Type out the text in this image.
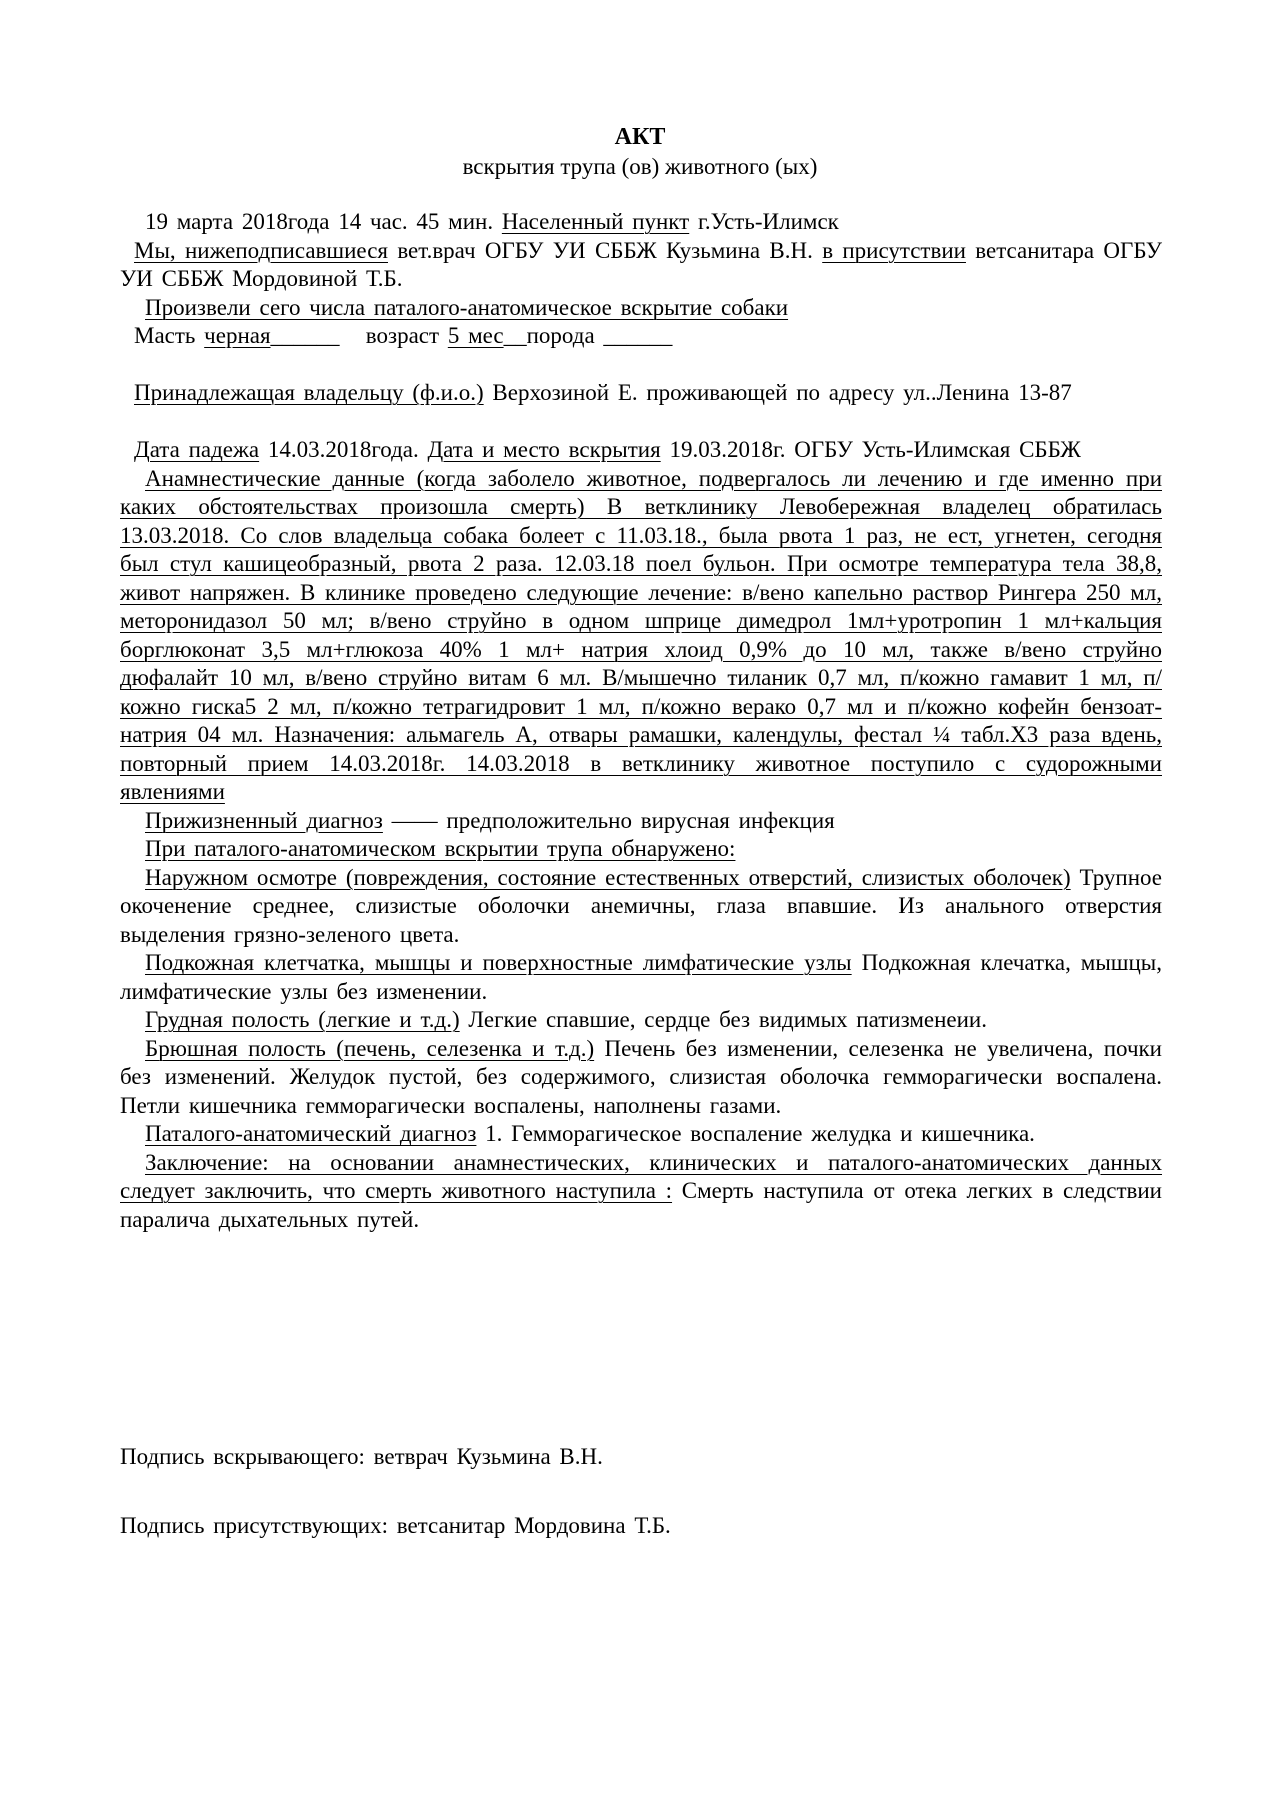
АКТ
вскрытия трупа (ов) животного (ых)

19 марта 2018года 14 час. 45 мин. Населенный пункт г.Усть-Илимск

Мы, нижеподписавшиеся вет.врач ОГБУ УИ СББЖ Кузьмина В.Н. в присутствии ветсанитара ОГБУ УИ СББЖ Мордовиной Т.Б.

Произвели сего числа паталого-анатомическое вскрытие собаки

Масть черная______ возраст 5 мес__порода ______

Принадлежащая владельцу (ф.и.о.) Верхозиной Е. проживающей по адресу ул..Ленина 13-87

Дата падежа 14.03.2018года. Дата и место вскрытия 19.03.2018г. ОГБУ Усть-Илимская СББЖ

Анамнестические данные (когда заболело животное, подвергалось ли лечению и где именно при каких обстоятельствах произошла смерть) В ветклинику Левобережная владелец обратилась 13.03.2018. Со слов владельца собака болеет с 11.03.18., была рвота 1 раз, не ест, угнетен, сегодня был стул кашицеобразный, рвота 2 раза. 12.03.18 поел бульон. При осмотре температура тела 38,8, живот напряжен. В клинике проведено следующие лечение: в/вено капельно раствор Рингера 250 мл, меторонидазол 50 мл; в/вено струйно в одном шприце димедрол 1мл+уротропин 1 мл+кальция борглюконат 3,5 мл+глюкоза 40% 1 мл+ натрия хлоид 0,9% до 10 мл, также в/вено струйно дюфалайт 10 мл, в/вено струйно витам 6 мл. В/мышечно тиланик 0,7 мл, п/кожно гамавит 1 мл, п/кожно гиска5 2 мл, п/кожно тетрагидровит 1 мл, п/кожно верако 0,7 мл и п/кожно кофейн бензоат-натрия 04 мл. Назначения: альмагель А, отвары рамашки, календулы, фестал ¼ табл.Х3 раза вдень, повторный прием 14.03.2018г. 14.03.2018 в ветклинику животное поступило с судорожными явлениями

Прижизненный диагноз —— предположительно вирусная инфекция

При паталого-анатомическом вскрытии трупа обнаружено:

Наружном осмотре (повреждения, состояние естественных отверстий, слизистых оболочек) Трупное окоченение среднее, слизистые оболочки анемичны, глаза впавшие. Из анального отверстия выделения грязно-зеленого цвета.

Подкожная клетчатка, мышцы и поверхностные лимфатические узлы Подкожная клечатка, мышцы, лимфатические узлы без изменении.

Грудная полость (легкие и т.д.) Легкие спавшие, сердце без видимых патизменеии.

Брюшная полость (печень, селезенка и т.д.) Печень без изменении, селезенка не увеличена, почки без изменений. Желудок пустой, без содержимого, слизистая оболочка гемморагически воспалена. Петли кишечника гемморагически воспалены, наполнены газами.

Паталого-анатомический диагноз 1. Гемморагическое воспаление желудка и кишечника.

Заключение: на основании анамнестических, клинических и паталого-анатомических данных следует заключить, что смерть животного наступила : Смерть наступила от отека легких в следствии паралича дыхательных путей.

Подпись вскрывающего: ветврач Кузьмина В.Н.

Подпись присутствующих: ветсанитар Мордовина Т.Б.
